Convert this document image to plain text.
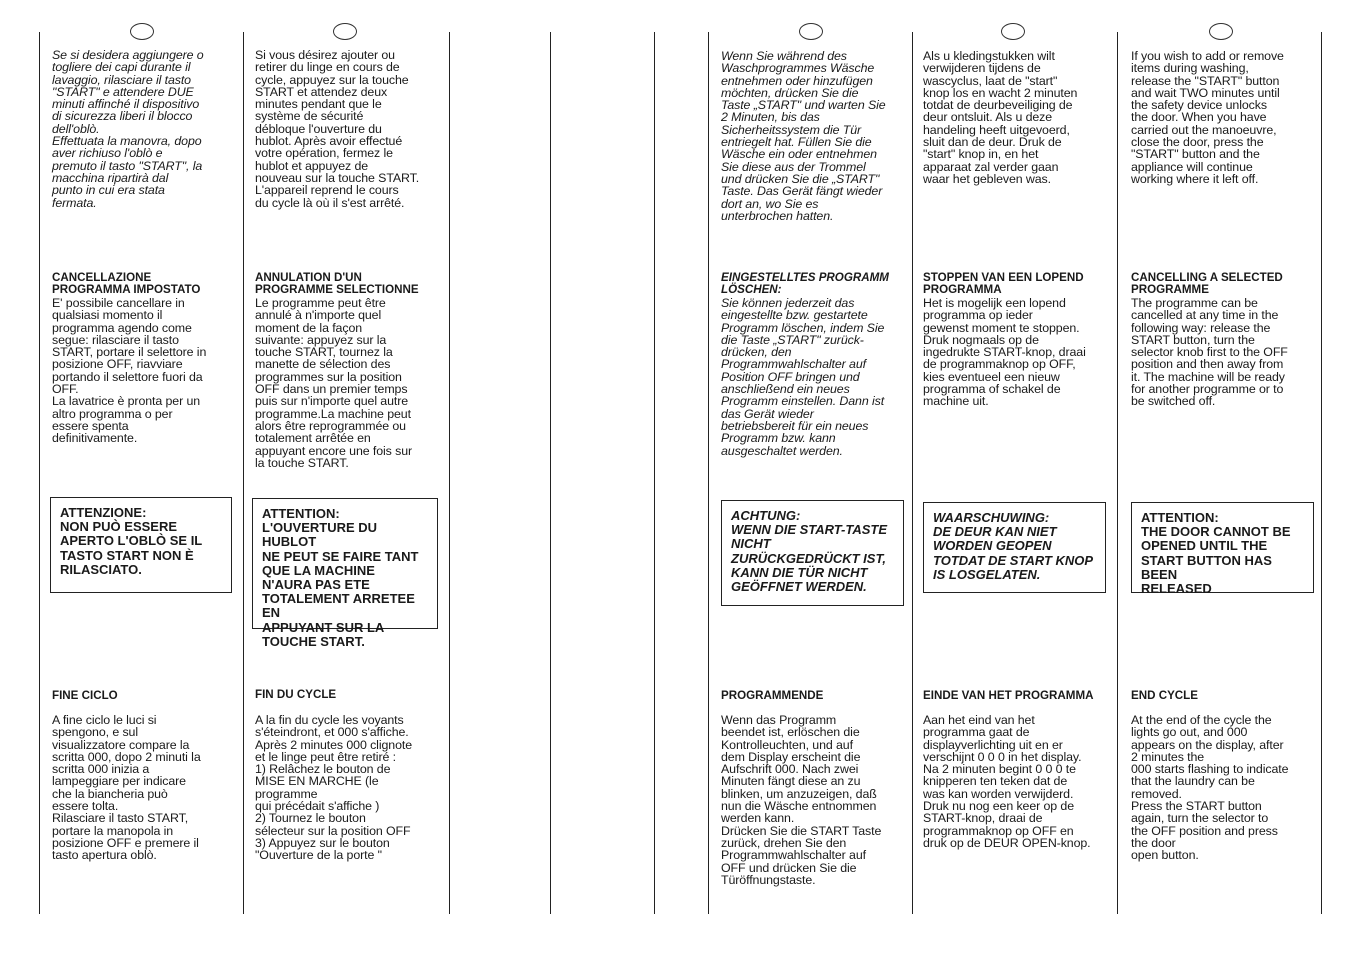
Se si desidera aggiungere o
togliere dei capi durante il
lavaggio, rilasciare il tasto
"START" e attendere DUE
minuti affinché il dispositivo
di sicurezza liberi il blocco
dell'oblò.
Effettuata la manovra, dopo
aver richiuso l'oblò e
premuto il tasto "START", la
macchina ripartirà dal
punto in cui era stata
fermata.

CANCELLAZIONE
PROGRAMMA IMPOSTATO

E' possibile cancellare in
qualsiasi momento il
programma agendo come
segue: rilasciare il tasto
START, portare il selettore in
posizione OFF, riavviare
portando il selettore fuori da
OFF.
La lavatrice è pronta per un
altro programma o per
essere spenta
definitivamente.

FINE CICLO

A fine ciclo le luci si
spengono, e sul
visualizzatore compare la
scritta 000, dopo 2 minuti la
scritta 000 inizia a
lampeggiare per indicare
che la biancheria può
essere tolta.
Rilasciare il tasto START,
portare la manopola in
posizione OFF e premere il
tasto apertura oblò.

ATTENZIONE:
NON PUÒ ESSERE
APERTO L'OBLÒ SE IL
TASTO START NON È
RILASCIATO.

Si vous désirez ajouter ou
retirer du linge en cours de
cycle, appuyez sur la touche
START et attendez deux
minutes pendant que le
système de sécurité
débloque l'ouverture du
hublot. Après avoir effectué
votre opération, fermez le
hublot et appuyez de
nouveau sur la touche START.
L'appareil reprend le cours
du cycle là où il s'est arrêté.

ANNULATION D'UN
PROGRAMME SELECTIONNE

Le programme peut être
annulé à n'importe quel
moment de la façon
suivante: appuyez sur la
touche START, tournez la
manette de sélection des
programmes sur la position
OFF dans un premier temps
puis sur n'importe quel autre
programme.La machine peut
alors être reprogrammée ou
totalement arrêtée en
appuyant encore une fois sur
la touche START.

FIN DU CYCLE

A la fin du cycle les voyants
s'éteindront, et 000 s'affiche.
Après 2 minutes 000 clignote
et le linge peut être retiré :
1) Relâchez le bouton de
MISE EN MARCHE (le
programme
qui précédait s'affiche )
2) Tournez le bouton
sélecteur sur la position OFF
3) Appuyez sur le bouton
"Ouverture de la porte "

ATTENTION:
L'OUVERTURE DU HUBLOT
NE PEUT SE FAIRE TANT
QUE LA MACHINE
N'AURA PAS ETE
TOTALEMENT ARRETEE EN
APPUYANT SUR LA
TOUCHE START.

Wenn Sie während des
Waschprogrammes Wäsche
entnehmen oder hinzufügen
möchten, drücken Sie die
Taste „START" und warten Sie
2 Minuten, bis das
Sicherheitssystem die Tür
entriegelt hat. Füllen Sie die
Wäsche ein oder entnehmen
Sie diese aus der Trommel
und drücken Sie die „START"
Taste. Das Gerät fängt wieder
dort an, wo Sie es
unterbrochen hatten.

EINGESTELLTES PROGRAMM
LÖSCHEN:

Sie können jederzeit das
eingestellte bzw. gestartete
Programm löschen, indem Sie
die Taste „START" zurück-
drücken, den
Programmwahlschalter auf
Position OFF bringen und
anschließend ein neues
Programm einstellen. Dann ist
das Gerät wieder
betriebsbereit für ein neues
Programm bzw. kann
ausgeschaltet werden.

PROGRAMMENDE

Wenn das Programm
beendet ist, erlöschen die
Kontrolleuchten, und auf
dem Display erscheint die
Aufschrift 000. Nach zwei
Minuten fängt diese an zu
blinken, um anzuzeigen, daß
nun die Wäsche entnommen
werden kann.
Drücken Sie die START Taste
zurück, drehen Sie den
Programmwahlschalter auf
OFF und drücken Sie die
Türöffnungstaste.

ACHTUNG:
WENN DIE START-TASTE
NICHT
ZURÜCKGEDRÜCKT IST,
KANN DIE TÜR NICHT
GEÖFFNET WERDEN.

Als u kledingstukken wilt
verwijderen tijdens de
wascyclus, laat de "start"
knop los en wacht 2 minuten
totdat de deurbeveiliging de
deur ontsluit. Als u deze
handeling heeft uitgevoerd,
sluit dan de deur. Druk de
"start" knop in, en het
apparaat zal verder gaan
waar het gebleven was.

STOPPEN VAN EEN LOPEND
PROGRAMMA

Het is mogelijk een lopend
programma op ieder
gewenst moment te stoppen.
Druk nogmaals op de
ingedrukte START-knop, draai
de programmaknop op OFF,
kies eventueel een nieuw
programma of schakel de
machine uit.

EINDE VAN HET PROGRAMMA

Aan het eind van het
programma gaat de
displayverlichting uit en er
verschijnt 0 0 0 in het display.
Na 2 minuten begint 0 0 0 te
knipperen ten teken dat de
was kan worden verwijderd.
Druk nu nog een keer op de
START-knop, draai de
programmaknop op OFF en
druk op de DEUR OPEN-knop.

WAARSCHUWING:
DE DEUR KAN NIET
WORDEN GEOPEN
TOTDAT DE START KNOP
IS LOSGELATEN.

If you wish to add or remove
items during washing,
release the "START" button
and wait TWO minutes until
the safety device unlocks
the door. When you have
carried out the manoeuvre,
close the door, press the
"START" button and the
appliance will continue
working where it left off.

CANCELLING A SELECTED
PROGRAMME

The programme can be
cancelled at any time in the
following way: release the
START button, turn the
selector knob first to the OFF
position and then away from
it. The machine will be ready
for another programme or to
be switched off.

END CYCLE

At the end of the cycle the
lights go out, and 000
appears on the display, after
2 minutes the
000 starts flashing to indicate
that the laundry can be
removed.
Press the START button
again, turn the selector to
the OFF position and press
the door
open button.

ATTENTION:
THE DOOR CANNOT BE
OPENED UNTIL THE
START BUTTON HAS BEEN
RELEASED
